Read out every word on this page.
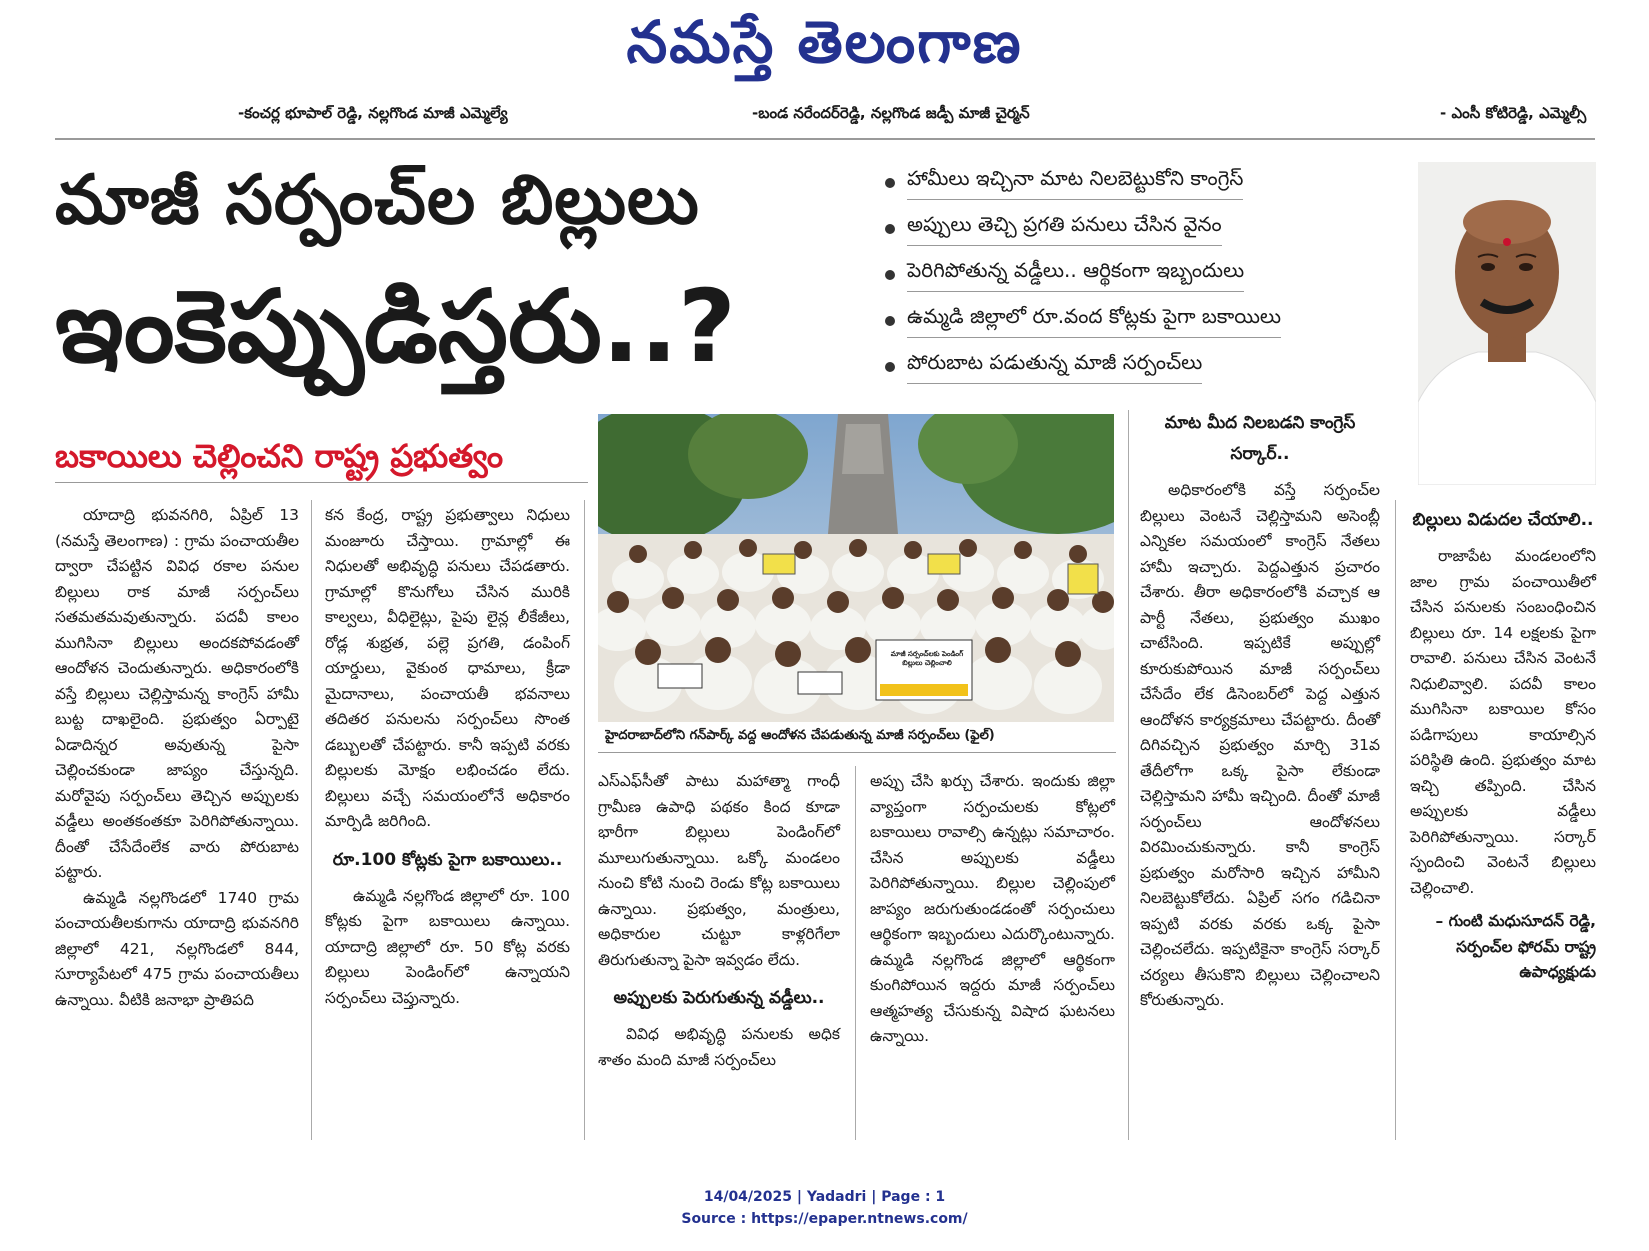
నమస్తే తెలంగాణ
-కంచర్ల భూపాల్ రెడ్డి, నల్లగొండ మాజీ ఎమ్మెల్యే	-బండ నరేందర్‌రెడ్డి, నల్లగొండ జడ్పీ మాజీ చైర్మన్	- ఎంసీ కోటిరెడ్డి, ఎమ్మెల్సీ
మాజీ సర్పంచ్‌ల బిల్లులు
ఇంకెప్పుడిస్తరు..?
హామీలు ఇచ్చినా మాట నిలబెట్టుకోని కాంగ్రెస్
అప్పులు తెచ్చి ప్రగతి పనులు చేసిన వైనం
పెరిగిపోతున్న వడ్డీలు.. ఆర్థికంగా ఇబ్బందులు
ఉమ్మడి జిల్లాలో రూ.వంద కోట్లకు పైగా బకాయిలు
పోరుబాట పడుతున్న మాజీ సర్పంచ్‌లు
బకాయిలు చెల్లించని రాష్ట్ర ప్రభుత్వం
మాజీ సర్పంచ్‌లకు పెండింగ్ బిల్లులు చెల్లించాలి
హైదరాబాద్‌లోని గన్‌పార్క్ వద్ద ఆందోళన చేపడుతున్న మాజీ సర్పంచ్‌లు (ఫైల్)

యాదాద్రి భువనగిరి, ఏప్రిల్ 13 (నమస్తే తెలంగాణ) : గ్రామ పంచాయతీల ద్వారా చేపట్టిన వివిధ రకాల పనుల బిల్లులు రాక మాజీ సర్పంచ్‌లు సతమతమవుతున్నారు. పదవీ కాలం ముగిసినా బిల్లులు అందకపోవడంతో ఆందోళన చెందుతున్నారు. అధికారంలోకి వస్తే బిల్లులు చెల్లిస్తామన్న కాంగ్రెస్ హామీ బుట్ట దాఖలైంది. ప్రభుత్వం ఏర్పాటై ఏడాదిన్నర అవుతున్న పైసా చెల్లించకుండా జాప్యం చేస్తున్నది. మరోవైపు సర్పంచ్‌లు తెచ్చిన అప్పులకు వడ్డీలు అంతకంతకూ పెరిగిపోతున్నాయి. దీంతో చేసేదేంలేక వారు పోరుబాట పట్టారు.

ఉమ్మడి నల్లగొండలో 1740 గ్రామ పంచాయతీలకుగాను యాదాద్రి భువనగిరి జిల్లాలో 421, నల్లగొండలో 844, సూర్యాపేటలో 475 గ్రామ పంచాయతీలు ఉన్నాయి. వీటికి జనాభా ప్రాతిపది

కన కేంద్ర, రాష్ట్ర ప్రభుత్వాలు నిధులు మంజూరు చేస్తాయి. గ్రామాల్లో ఈ నిధులతో అభివృద్ధి పనులు చేపడతారు. గ్రామాల్లో కొనుగోలు చేసిన మురికి కాల్వలు, వీధిలైట్లు, పైపు లైన్ల లీకేజీలు, రోడ్ల శుభ్రత, పల్లె ప్రగతి, డంపింగ్ యార్డులు, వైకుంఠ ధామాలు, క్రీడా మైదానాలు, పంచాయతీ భవనాలు తదితర పనులను సర్పంచ్‌లు సొంత డబ్బులతో చేపట్టారు. కానీ ఇప్పటి వరకు బిల్లులకు మోక్షం లభించడం లేదు. బిల్లులు వచ్చే సమయంలోనే అధికారం మార్పిడి జరిగింది.

రూ.100 కోట్లకు పైగా బకాయిలు..

ఉమ్మడి నల్లగొండ జిల్లాలో రూ. 100 కోట్లకు పైగా బకాయిలు ఉన్నాయి. యాదాద్రి జిల్లాలో రూ. 50 కోట్ల వరకు బిల్లులు పెండింగ్‌లో ఉన్నాయని సర్పంచ్‌లు చెప్తున్నారు.

ఎస్‌ఎఫ్‌సీతో పాటు మహాత్మా గాంధీ గ్రామీణ ఉపాధి పథకం కింద కూడా భారీగా బిల్లులు పెండింగ్‌లో మూలుగుతున్నాయి. ఒక్కో మండలం నుంచి కోటి నుంచి రెండు కోట్ల బకాయిలు ఉన్నాయి. ప్రభుత్వం, మంత్రులు, అధికారుల చుట్టూ కాళ్లరిగేలా తిరుగుతున్నా పైసా ఇవ్వడం లేదు.

అప్పులకు పెరుగుతున్న వడ్డీలు..

వివిధ అభివృద్ధి పనులకు అధిక శాతం మంది మాజీ సర్పంచ్‌లు

అప్పు చేసి ఖర్చు చేశారు. ఇందుకు జిల్లా వ్యాప్తంగా సర్పంచులకు కోట్లలో బకాయిలు రావాల్సి ఉన్నట్లు సమాచారం. చేసిన అప్పులకు వడ్డీలు పెరిగిపోతున్నాయి. బిల్లుల చెల్లింపులో జాప్యం జరుగుతుండడంతో సర్పంచులు ఆర్థికంగా ఇబ్బందులు ఎదుర్కొంటున్నారు. ఉమ్మడి నల్లగొండ జిల్లాలో ఆర్థికంగా కుంగిపోయిన ఇద్దరు మాజీ సర్పంచ్‌లు ఆత్మహత్య చేసుకున్న విషాద ఘటనలు ఉన్నాయి.

మాట మీద నిలబడని కాంగ్రెస్ సర్కార్..

అధికారంలోకి వస్తే సర్పంచ్‌ల బిల్లులు వెంటనే చెల్లిస్తామని అసెంబ్లీ ఎన్నికల సమయంలో కాంగ్రెస్ నేతలు హామీ ఇచ్చారు. పెద్దఎత్తున ప్రచారం చేశారు. తీరా అధికారంలోకి వచ్చాక ఆ పార్టీ నేతలు, ప్రభుత్వం ముఖం చాటేసింది. ఇప్పటికే అప్పుల్లో కూరుకుపోయిన మాజీ సర్పంచ్‌లు చేసేదేం లేక డిసెంబర్‌లో పెద్ద ఎత్తున ఆందోళన కార్యక్రమాలు చేపట్టారు. దీంతో దిగివచ్చిన ప్రభుత్వం మార్చి 31వ తేదీలోగా ఒక్క పైసా లేకుండా చెల్లిస్తామని హామీ ఇచ్చింది. దీంతో మాజీ సర్పంచ్‌లు ఆందోళనలు విరమించుకున్నారు. కానీ కాంగ్రెస్ ప్రభుత్వం మరోసారి ఇచ్చిన హామీని నిలబెట్టుకోలేదు. ఏప్రిల్ సగం గడిచినా ఇప్పటి వరకు వరకు ఒక్క పైసా చెల్లించలేదు. ఇప్పటికైనా కాంగ్రెస్ సర్కార్ చర్యలు తీసుకొని బిల్లులు చెల్లించాలని కోరుతున్నారు.

బిల్లులు విడుదల చేయాలి..

రాజాపేట మండలంలోని జాల గ్రామ పంచాయితీలో చేసిన పనులకు సంబంధించిన బిల్లులు రూ. 14 లక్షలకు పైగా రావాలి. పనులు చేసిన వెంటనే నిధులివ్వాలి. పదవీ కాలం ముగిసినా బకాయిల కోసం పడిగాపులు కాయాల్సిన పరిస్థితి ఉంది. ప్రభుత్వం మాట ఇచ్చి తప్పింది. చేసిన అప్పులకు వడ్డీలు పెరిగిపోతున్నాయి. సర్కార్ స్పందించి వెంటనే బిల్లులు చెల్లించాలి.

– గుంటి మధుసూదన్ రెడ్డి, సర్పంచ్‌ల ఫోరమ్ రాష్ట్ర
ఉపాధ్యక్షుడు
14/04/2025 | Yadadri | Page : 1
Source : https://epaper.ntnews.com/
